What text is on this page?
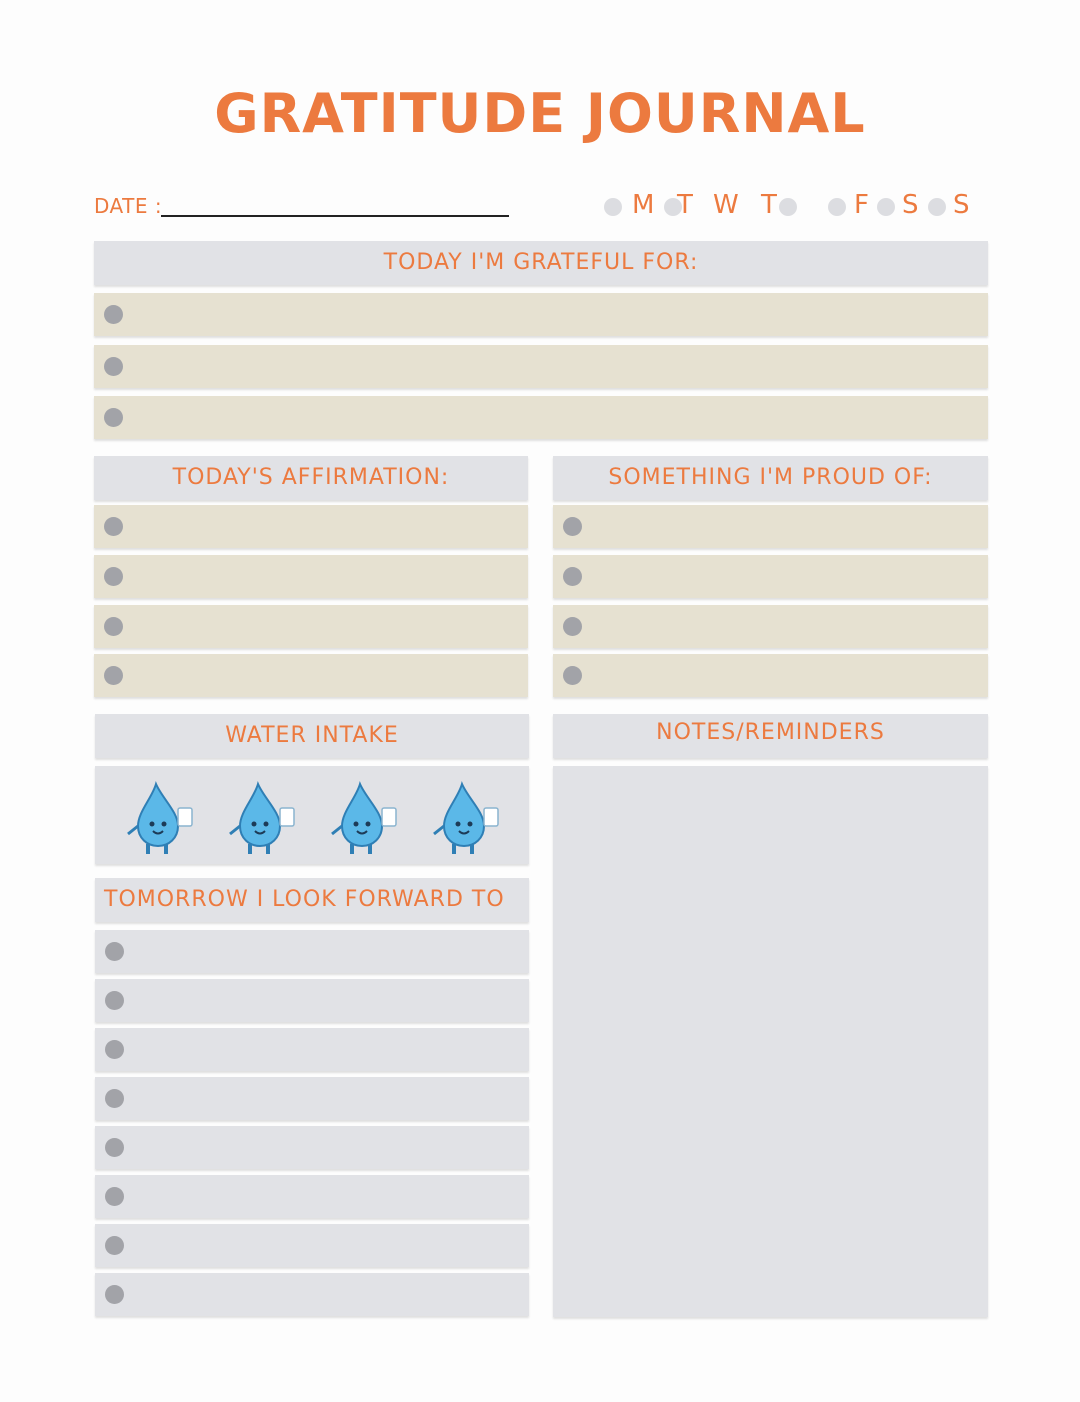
GRATITUDE JOURNAL
DATE :	M T W T	F S S
TODAY I'M GRATEFUL FOR:
TODAY'S AFFIRMATION:	SOMETHING I'M PROUD OF:
WATER INTAKE
TOMORROW I LOOK FORWARD TO
NOTES/REMINDERS
